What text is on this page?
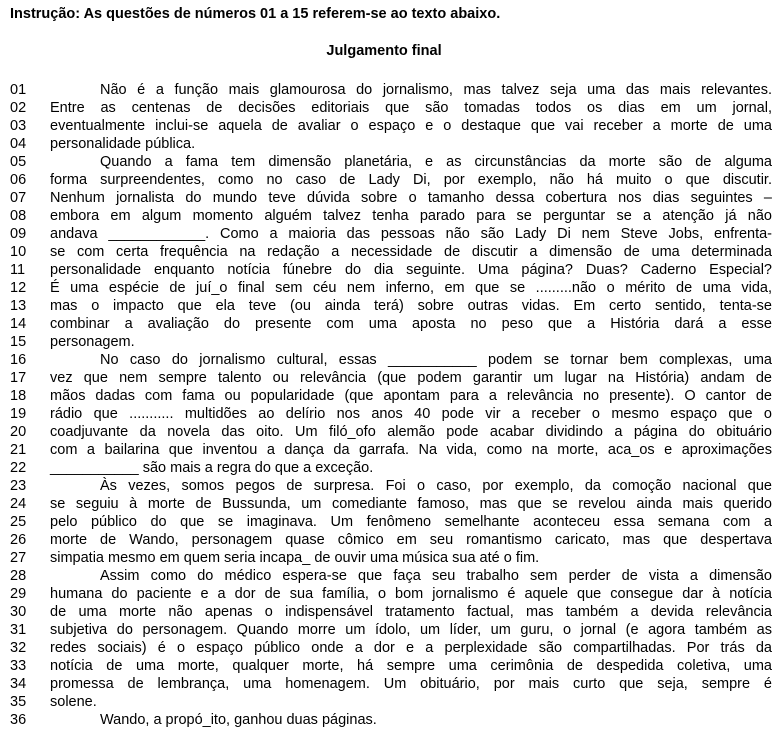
Instrução: As questões de números 01 a 15 referem-se ao texto abaixo.
Julgamento final
01	Não é a função mais glamourosa do jornalismo, mas talvez seja uma das mais relevantes.
02	Entre as centenas de decisões editoriais que são tomadas todos os dias em um jornal,
03	eventualmente inclui-se aquela de avaliar o espaço e o destaque que vai receber a morte de uma
04	personalidade pública.
05	Quando a fama tem dimensão planetária, e as circunstâncias da morte são de alguma
06	forma surpreendentes, como no caso de Lady Di, por exemplo, não há muito o que discutir.
07	Nenhum jornalista do mundo teve dúvida sobre o tamanho dessa cobertura nos dias seguintes –
08	embora em algum momento alguém talvez tenha parado para se perguntar se a atenção já não
09	andava ____________. Como a maioria das pessoas não são Lady Di nem Steve Jobs, enfrenta-
10	se com certa frequência na redação a necessidade de discutir a dimensão de uma determinada
11	personalidade enquanto notícia fúnebre do dia seguinte. Uma página? Duas? Caderno Especial?
12	É uma espécie de juí_o final sem céu nem inferno, em que se .........não o mérito de uma vida,
13	mas o impacto que ela teve (ou ainda terá) sobre outras vidas. Em certo sentido, tenta-se
14	combinar a avaliação do presente com uma aposta no peso que a História dará a esse
15	personagem.
16	No caso do jornalismo cultural, essas ___________ podem se tornar bem complexas, uma
17	vez que nem sempre talento ou relevância (que podem garantir um lugar na História) andam de
18	mãos dadas com fama ou popularidade (que apontam para a relevância no presente). O cantor de
19	rádio que ........... multidões ao delírio nos anos 40 pode vir a receber o mesmo espaço que o
20	coadjuvante da novela das oito. Um filó_ofo alemão pode acabar dividindo a página do obituário
21	com a bailarina que inventou a dança da garrafa. Na vida, como na morte, aca_os e aproximações
22	___________ são mais a regra do que a exceção.
23	Às vezes, somos pegos de surpresa. Foi o caso, por exemplo, da comoção nacional que
24	se seguiu à morte de Bussunda, um comediante famoso, mas que se revelou ainda mais querido
25	pelo público do que se imaginava. Um fenômeno semelhante aconteceu essa semana com a
26	morte de Wando, personagem quase cômico em seu romantismo caricato, mas que despertava
27	simpatia mesmo em quem seria incapa_ de ouvir uma música sua até o fim.
28	Assim como do médico espera-se que faça seu trabalho sem perder de vista a dimensão
29	humana do paciente e a dor de sua família, o bom jornalismo é aquele que consegue dar à notícia
30	de uma morte não apenas o indispensável tratamento factual, mas também a devida relevância
31	subjetiva do personagem. Quando morre um ídolo, um líder, um guru, o jornal (e agora também as
32	redes sociais) é o espaço público onde a dor e a perplexidade são compartilhadas. Por trás da
33	notícia de uma morte, qualquer morte, há sempre uma cerimônia de despedida coletiva, uma
34	promessa de lembrança, uma homenagem. Um obituário, por mais curto que seja, sempre é
35	solene.
36	Wando, a propó_ito, ganhou duas páginas.
